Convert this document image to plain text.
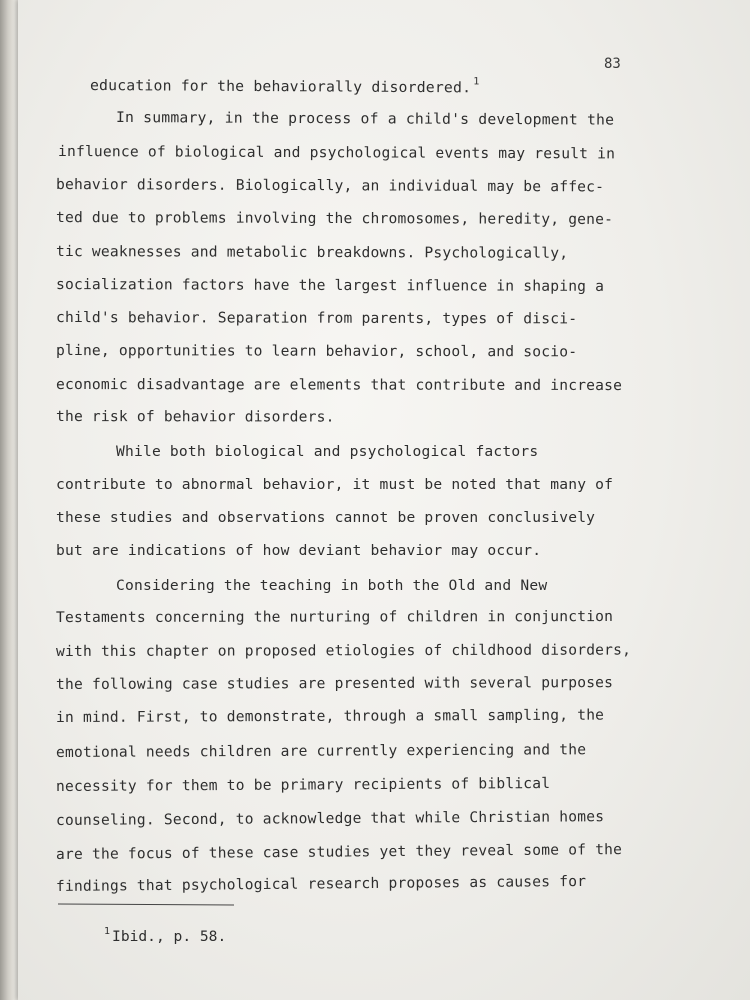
83
education for the behaviorally disordered. $^1$
In summary, in the process of a child's development the
influence of biological and psychological events may result in
behavior disorders. Biologically, an individual may be affec-
ted due to problems involving the chromosomes, heredity, gene-
tic weaknesses and metabolic breakdowns. Psychologically,
socialization factors have the largest influence in shaping a
child's behavior. Separation from parents, types of disci-
pline, opportunities to learn behavior, school, and socio-
economic disadvantage are elements that contribute and increase
the risk of behavior disorders.
While both biological and psychological factors
contribute to abnormal behavior, it must be noted that many of
these studies and observations cannot be proven conclusively
but are indications of how deviant behavior may occur.
Considering the teaching in both the Old and New
Testaments concerning the nurturing of children in conjunction
with this chapter on proposed etiologies of childhood disorders,
the following case studies are presented with several purposes
in mind. First, to demonstrate, through a small sampling, the
emotional needs children are currently experiencing and the
necessity for them to be primary recipients of biblical
counseling. Second, to acknowledge that while Christian homes
are the focus of these case studies yet they reveal some of the
findings that psychological research proposes as causes for
$^1$ Ibid., p. 58.
